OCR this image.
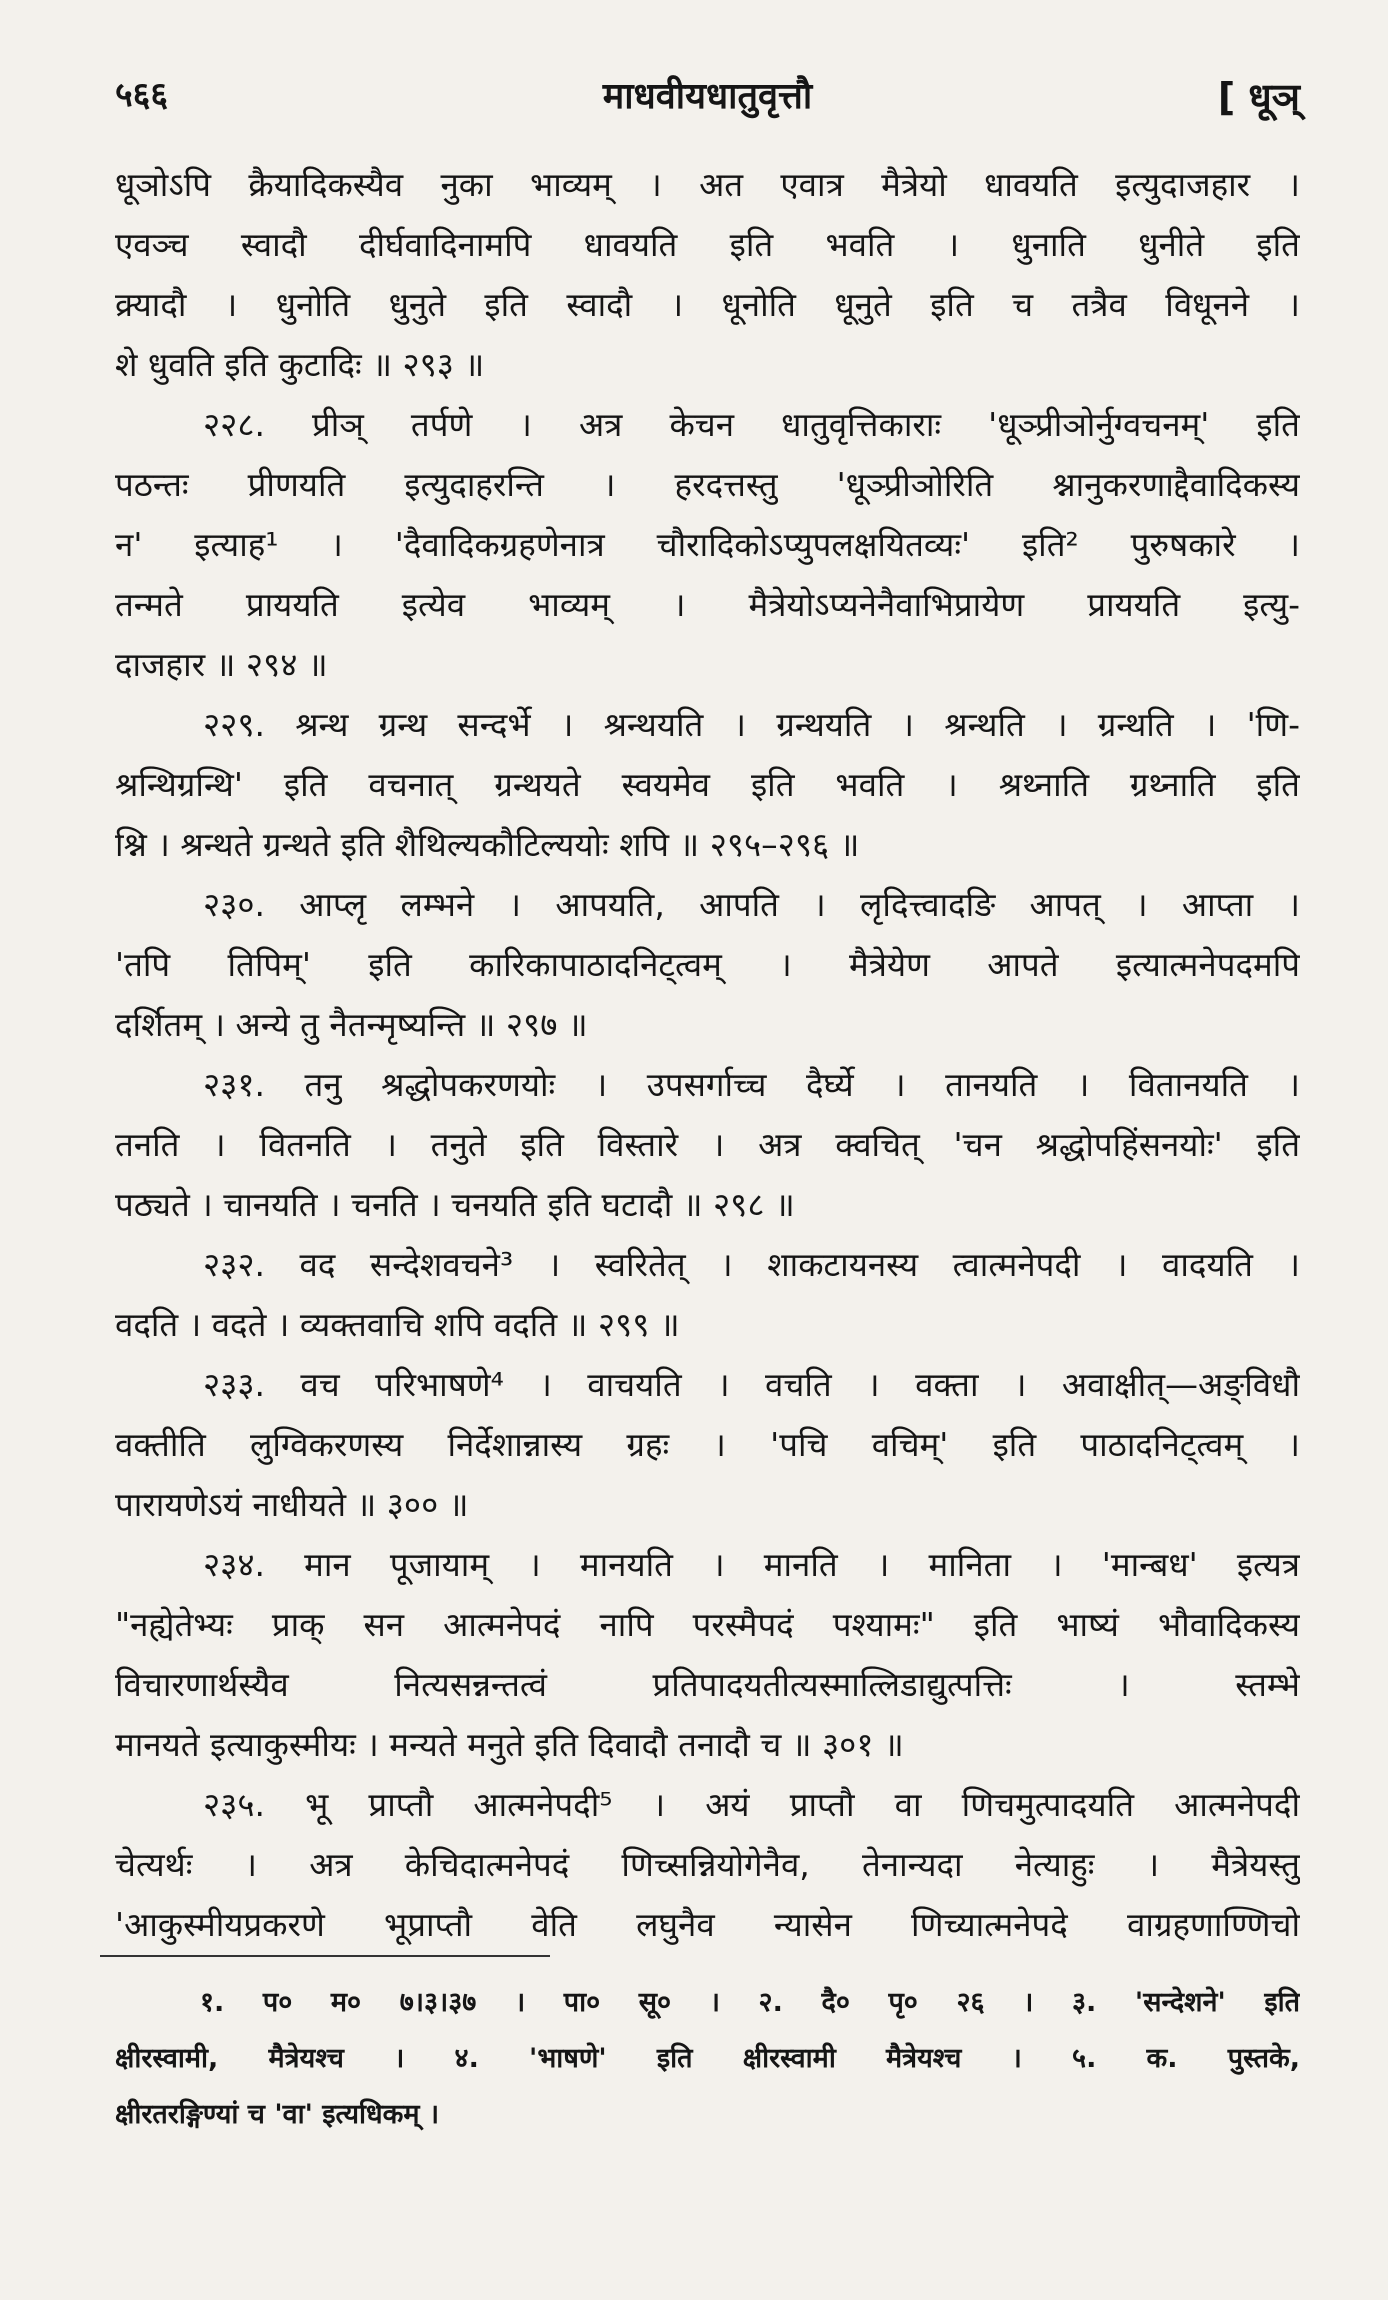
५६६	माधवीयधातुवृत्तौ	[ धूञ्
धूञोऽपि क्रैयादिकस्यैव नुका भाव्यम् । अत एवात्र मैत्रेयो धावयति इत्युदाजहार ।
एवञ्च स्वादौ दीर्घवादिनामपि धावयति इति भवति । धुनाति धुनीते इति
क्र्यादौ । धुनोति धुनुते इति स्वादौ । धूनोति धूनुते इति च तत्रैव विधूनने ।
शे धुवति इति कुटादिः ॥ २९३ ॥
२२८. प्रीञ् तर्पणे । अत्र केचन धातुवृत्तिकाराः 'धूञ्प्रीञोर्नुग्वचनम्' इति
पठन्तः प्रीणयति इत्युदाहरन्ति । हरदत्तस्तु 'धूञ्प्रीञोरिति श्नानुकरणाद्दैवादिकस्य
न' इत्याह¹ । 'दैवादिकग्रहणेनात्र चौरादिकोऽप्युपलक्षयितव्यः' इति² पुरुषकारे ।
तन्मते प्राययति इत्येव भाव्यम् । मैत्रेयोऽप्यनेनैवाभिप्रायेण प्राययति इत्यु-
दाजहार ॥ २९४ ॥
२२९. श्रन्थ ग्रन्थ सन्दर्भे । श्रन्थयति । ग्रन्थयति । श्रन्थति । ग्रन्थति । 'णि-
श्रन्थिग्रन्थि' इति वचनात् ग्रन्थयते स्वयमेव इति भवति । श्रथ्नाति ग्रथ्नाति इति
श्नि । श्रन्थते ग्रन्थते इति शैथिल्यकौटिल्ययोः शपि ॥ २९५–२९६ ॥
२३०. आप्लृ लम्भने । आपयति, आपति । लृदित्त्वादङि आपत् । आप्ता ।
'तपि तिपिम्' इति कारिकापाठादनिट्त्वम् । मैत्रेयेण आपते इत्यात्मनेपदमपि
दर्शितम् । अन्ये तु नैतन्मृष्यन्ति ॥ २९७ ॥
२३१. तनु श्रद्धोपकरणयोः । उपसर्गाच्च दैर्घ्ये । तानयति । वितानयति ।
तनति । वितनति । तनुते इति विस्तारे । अत्र क्वचित् 'चन श्रद्धोपहिंसनयोः' इति
पठ्यते । चानयति । चनति । चनयति इति घटादौ ॥ २९८ ॥
२३२. वद सन्देशवचने³ । स्वरितेत् । शाकटायनस्य त्वात्मनेपदी । वादयति ।
वदति । वदते । व्यक्तवाचि शपि वदति ॥ २९९ ॥
२३३. वच परिभाषणे⁴ । वाचयति । वचति । वक्ता । अवाक्षीत्—अङ्विधौ
वक्तीति लुग्विकरणस्य निर्देशान्नास्य ग्रहः । 'पचि वचिम्' इति पाठादनिट्त्वम् ।
पारायणेऽयं नाधीयते ॥ ३०० ॥
२३४. मान पूजायाम् । मानयति । मानति । मानिता । 'मान्बध' इत्यत्र
"नह्येतेभ्यः प्राक् सन आत्मनेपदं नापि परस्मैपदं पश्यामः" इति भाष्यं भौवादिकस्य
विचारणार्थस्यैव नित्यसन्नन्तत्वं प्रतिपादयतीत्यस्मात्लिडाद्युत्पत्तिः । स्तम्भे
मानयते इत्याकुस्मीयः । मन्यते मनुते इति दिवादौ तनादौ च ॥ ३०१ ॥
२३५. भू प्राप्तौ आत्मनेपदी⁵ । अयं प्राप्तौ वा णिचमुत्पादयति आत्मनेपदी
चेत्यर्थः । अत्र केचिदात्मनेपदं णिच्सन्नियोगेनैव, तेनान्यदा नेत्याहुः । मैत्रेयस्तु
'आकुस्मीयप्रकरणे भूप्राप्तौ वेति लघुनैव न्यासेन णिच्यात्मनेपदे वाग्रहणाण्णिचो
१. प० म० ७।३।३७ । पा० सू० । २. दै० पृ० २६ । ३. 'सन्देशने' इति
क्षीरस्वामी, मैत्रेयश्च । ४. 'भाषणे' इति क्षीरस्वामी मैत्रेयश्च । ५. क. पुस्तके,
क्षीरतरङ्गिण्यां च 'वा' इत्यधिकम् ।
